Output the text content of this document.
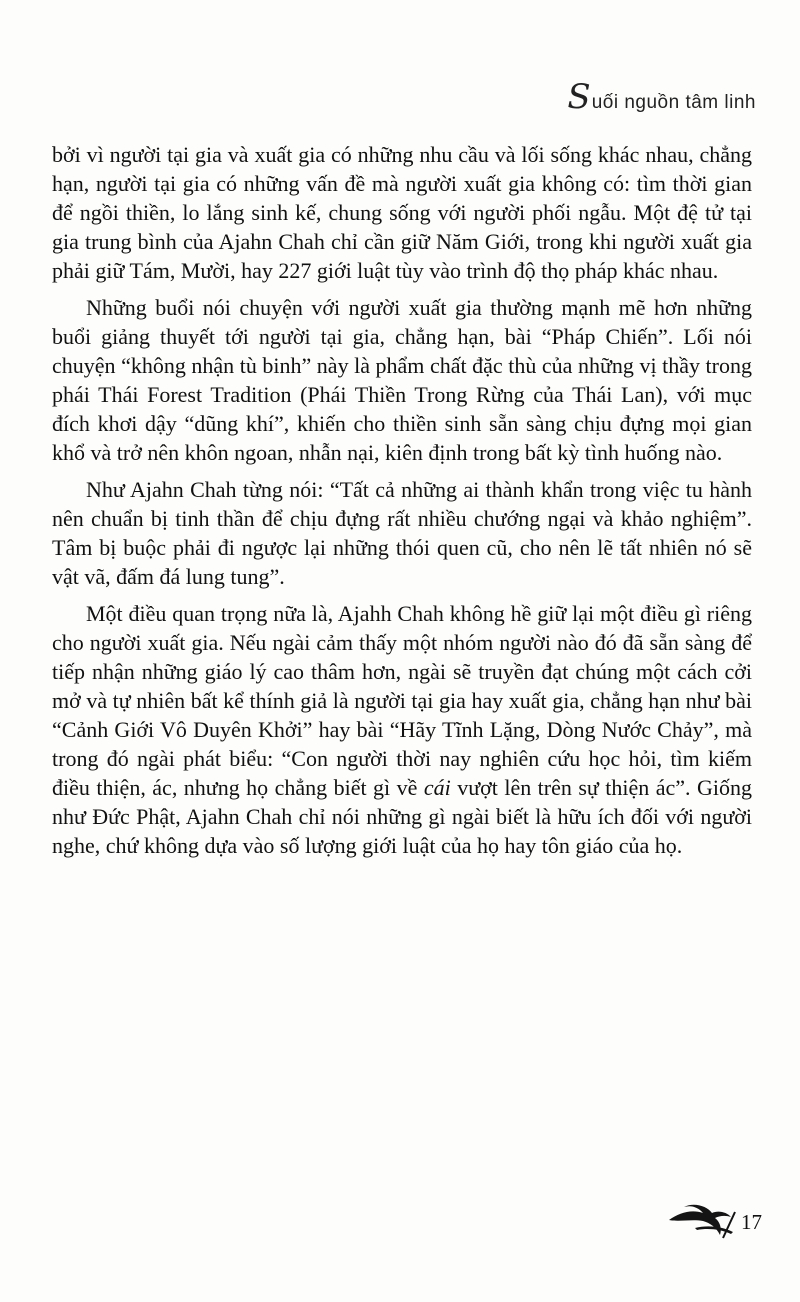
S uối nguồn tâm linh

bởi vì người tại gia và xuất gia có những nhu cầu và lối sống khác nhau, chẳng hạn, người tại gia có những vấn đề mà người xuất gia không có: tìm thời gian để ngồi thiền, lo lắng sinh kế, chung sống với người phối ngẫu. Một đệ tử tại gia trung bình của Ajahn Chah chỉ cần giữ Năm Giới, trong khi người xuất gia phải giữ Tám, Mười, hay 227 giới luật tùy vào trình độ thọ pháp khác nhau.

Những buổi nói chuyện với người xuất gia thường mạnh mẽ hơn những buổi giảng thuyết tới người tại gia, chẳng hạn, bài “Pháp Chiến”. Lối nói chuyện “không nhận tù binh” này là phẩm chất đặc thù của những vị thầy trong phái Thái Forest Tradition (Phái Thiền Trong Rừng của Thái Lan), với mục đích khơi dậy “dũng khí”, khiến cho thiền sinh sẵn sàng chịu đựng mọi gian khổ và trở nên khôn ngoan, nhẫn nại, kiên định trong bất kỳ tình huống nào.

Như Ajahn Chah từng nói: “Tất cả những ai thành khẩn trong việc tu hành nên chuẩn bị tinh thần để chịu đựng rất nhiều chướng ngại và khảo nghiệm”. Tâm bị buộc phải đi ngược lại những thói quen cũ, cho nên lẽ tất nhiên nó sẽ vật vã, đấm đá lung tung”.

Một điều quan trọng nữa là, Ajahh Chah không hề giữ lại một điều gì riêng cho người xuất gia. Nếu ngài cảm thấy một nhóm người nào đó đã sẵn sàng để tiếp nhận những giáo lý cao thâm hơn, ngài sẽ truyền đạt chúng một cách cởi mở và tự nhiên bất kể thính giả là người tại gia hay xuất gia, chẳng hạn như bài “Cảnh Giới Vô Duyên Khởi” hay bài “Hãy Tĩnh Lặng, Dòng Nước Chảy”, mà trong đó ngài phát biểu: “Con người thời nay nghiên cứu học hỏi, tìm kiếm điều thiện, ác, nhưng họ chẳng biết gì về cái vượt lên trên sự thiện ác”. Giống như Đức Phật, Ajahn Chah chỉ nói những gì ngài biết là hữu ích đối với người nghe, chứ không dựa vào số lượng giới luật của họ hay tôn giáo của họ.

17
